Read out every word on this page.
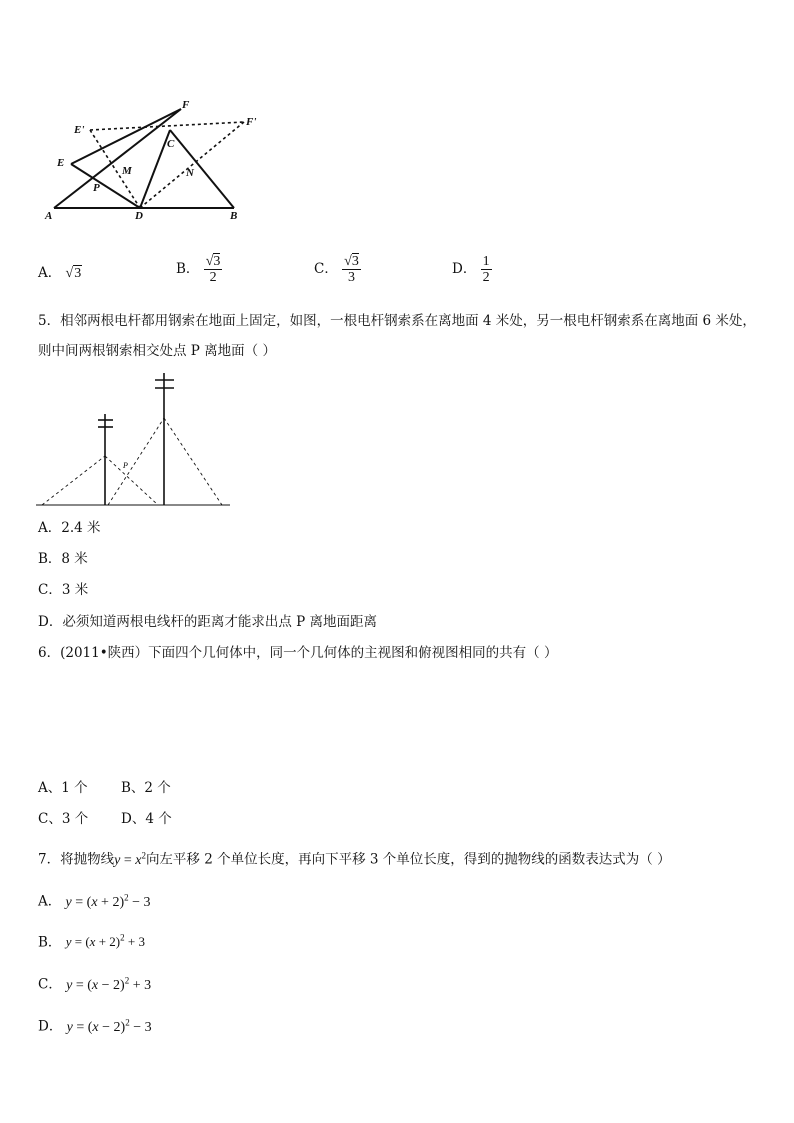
F
E'
F'
C
E
M	N
P
A	D	B
A． √3	B． $\frac{√3}{2}$	C． $\frac{√3}{3}$	D． $\frac{1}{2}$
5．相邻两根电杆都用钢索在地面上固定，如图，一根电杆钢索系在离地面 4 米处，另一根电杆钢索系在离地面 6 米处，
则中间两根钢索相交处点 P 离地面（ ）
P
A．2.4 米
B．8 米
C．3 米
D．必须知道两根电线杆的距离才能求出点 P 离地面距离
6．(2011•陕西）下面四个几何体中，同一个几何体的主视图和俯视图相同的共有（ ）
A、1 个 B、2 个
C、3 个 D、4 个
7．将抛物线$y = x^2$向左平移 2 个单位长度，再向下平移 3 个单位长度，得到的抛物线的函数表达式为（ ）
A． $y = (x + 2)^2 - 3$
B． $y = (x + 2)^2 + 3$
C． $y = (x - 2)^2 + 3$
D． $y = (x - 2)^2 - 3$
